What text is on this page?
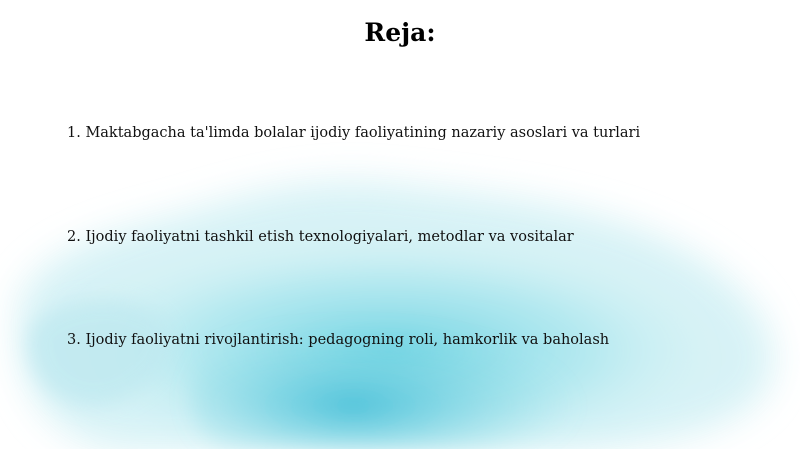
Reja:
1. Maktabgacha ta'limda bolalar ijodiy faoliyatining nazariy asoslari va turlari
2. Ijodiy faoliyatni tashkil etish texnologiyalari, metodlar va vositalar
3. Ijodiy faoliyatni rivojlantirish: pedagogning roli, hamkorlik va baholash
